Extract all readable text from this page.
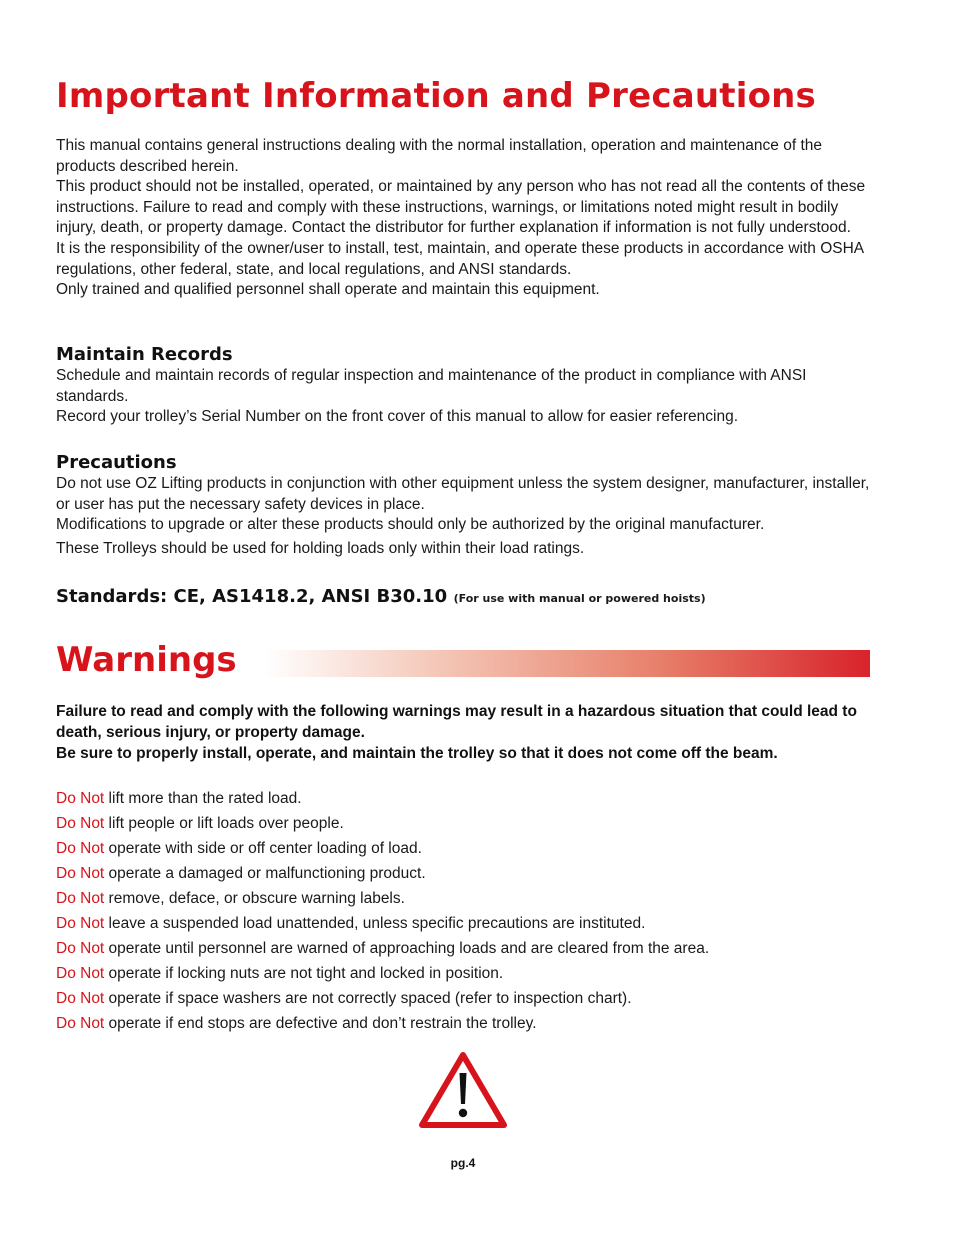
Important Information and Precautions

This manual contains general instructions dealing with the normal installation, operation and maintenance of the products described herein.

This product should not be installed, operated, or maintained by any person who has not read all the contents of these instructions. Failure to read and comply with these instructions, warnings, or limitations noted might result in bodily injury, death, or property damage. Contact the distributor for further explanation if information is not fully understood.

It is the responsibility of the owner/user to install, test, maintain, and operate these products in accordance with OSHA regulations, other federal, state, and local regulations, and ANSI standards.

Only trained and qualified personnel shall operate and maintain this equipment.

Maintain Records

Schedule and maintain records of regular inspection and maintenance of the product in compliance with ANSI standards.

Record your trolley’s Serial Number on the front cover of this manual to allow for easier referencing.

Precautions

Do not use OZ Lifting products in conjunction with other equipment unless the system designer, manufacturer, installer, or user has put the necessary safety devices in place.

Modifications to upgrade or alter these products should only be authorized by the original manufacturer.

These Trolleys should be used for holding loads only within their load ratings.

Standards: CE, AS1418.2, ANSI B30.10 (For use with manual or powered hoists)
Warnings

Failure to read and comply with the following warnings may result in a hazardous situation that could lead to death, serious injury, or property damage.

Be sure to properly install, operate, and maintain the trolley so that it does not come off the beam.

Do Not lift more than the rated load.
Do Not lift people or lift loads over people.
Do Not operate with side or off center loading of load.
Do Not operate a damaged or malfunctioning product.
Do Not remove, deface, or obscure warning labels.
Do Not leave a suspended load unattended, unless specific precautions are instituted.
Do Not operate until personnel are warned of approaching loads and are cleared from the area.
Do Not operate if locking nuts are not tight and locked in position.
Do Not operate if space washers are not correctly spaced (refer to inspection chart).
Do Not operate if end stops are defective and don’t restrain the trolley.
pg.4
